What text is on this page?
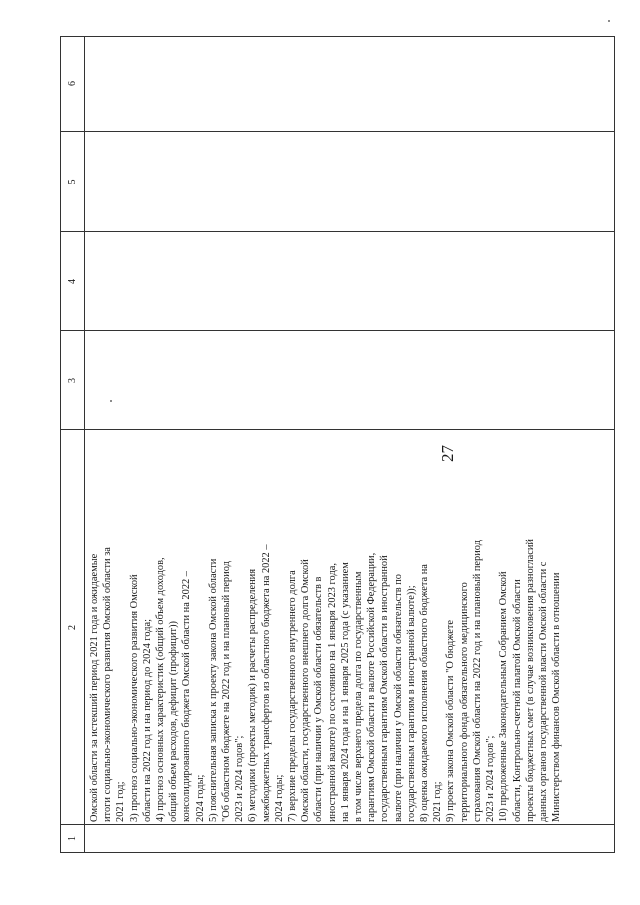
27
1
2
3
4
5
6
Омской области за истекший период 2021 года и ожидаемые итоги социально-экономического развития Омской области за 2021 год; 3) прогноз социально-экономического развития Омской области на 2022 год и на период до 2024 года; 4) прогноз основных характеристик (общий объем доходов, общий объем расходов, дефицит (профицит)) консолидированного бюджета Омской области на 2022 – 2024 годы; 5) пояснительная записка к проекту закона Омской области "Об областном бюджете на 2022 год и на плановый период 2023 и 2024 годов"; 6) методики (проекты методик) и расчеты распределения межбюджетных трансфертов из областного бюджета на 2022 – 2024 годы; 7) верхние пределы государственного внутреннего долга Омской области, государственного внешнего долга Омской области (при наличии у Омской области обязательств в иностранной валюте) по состоянию на 1 января 2023 года, на 1 января 2024 года и на 1 января 2025 года (с указанием в том числе верхнего предела долга по государственным гарантиям Омской области в валюте Российской Федерации, государственным гарантиям Омской области в иностранной валюте (при наличии у Омской области обязательств по государственным гарантиям в иностранной валюте)); 8) оценка ожидаемого исполнения областного бюджета на 2021 год; 9) проект закона Омской области "О бюджете территориального фонда обязательного медицинского страхования Омской области на 2022 год и на плановый период 2023 и 2024 годов"; 10) предложенные Законодательным Собранием Омской области, Контрольно-счетной палатой Омской области проекты бюджетных смет (в случае возникновения разногласий данных органов государственной власти Омской области с Министерством финансов Омской области в отношении
